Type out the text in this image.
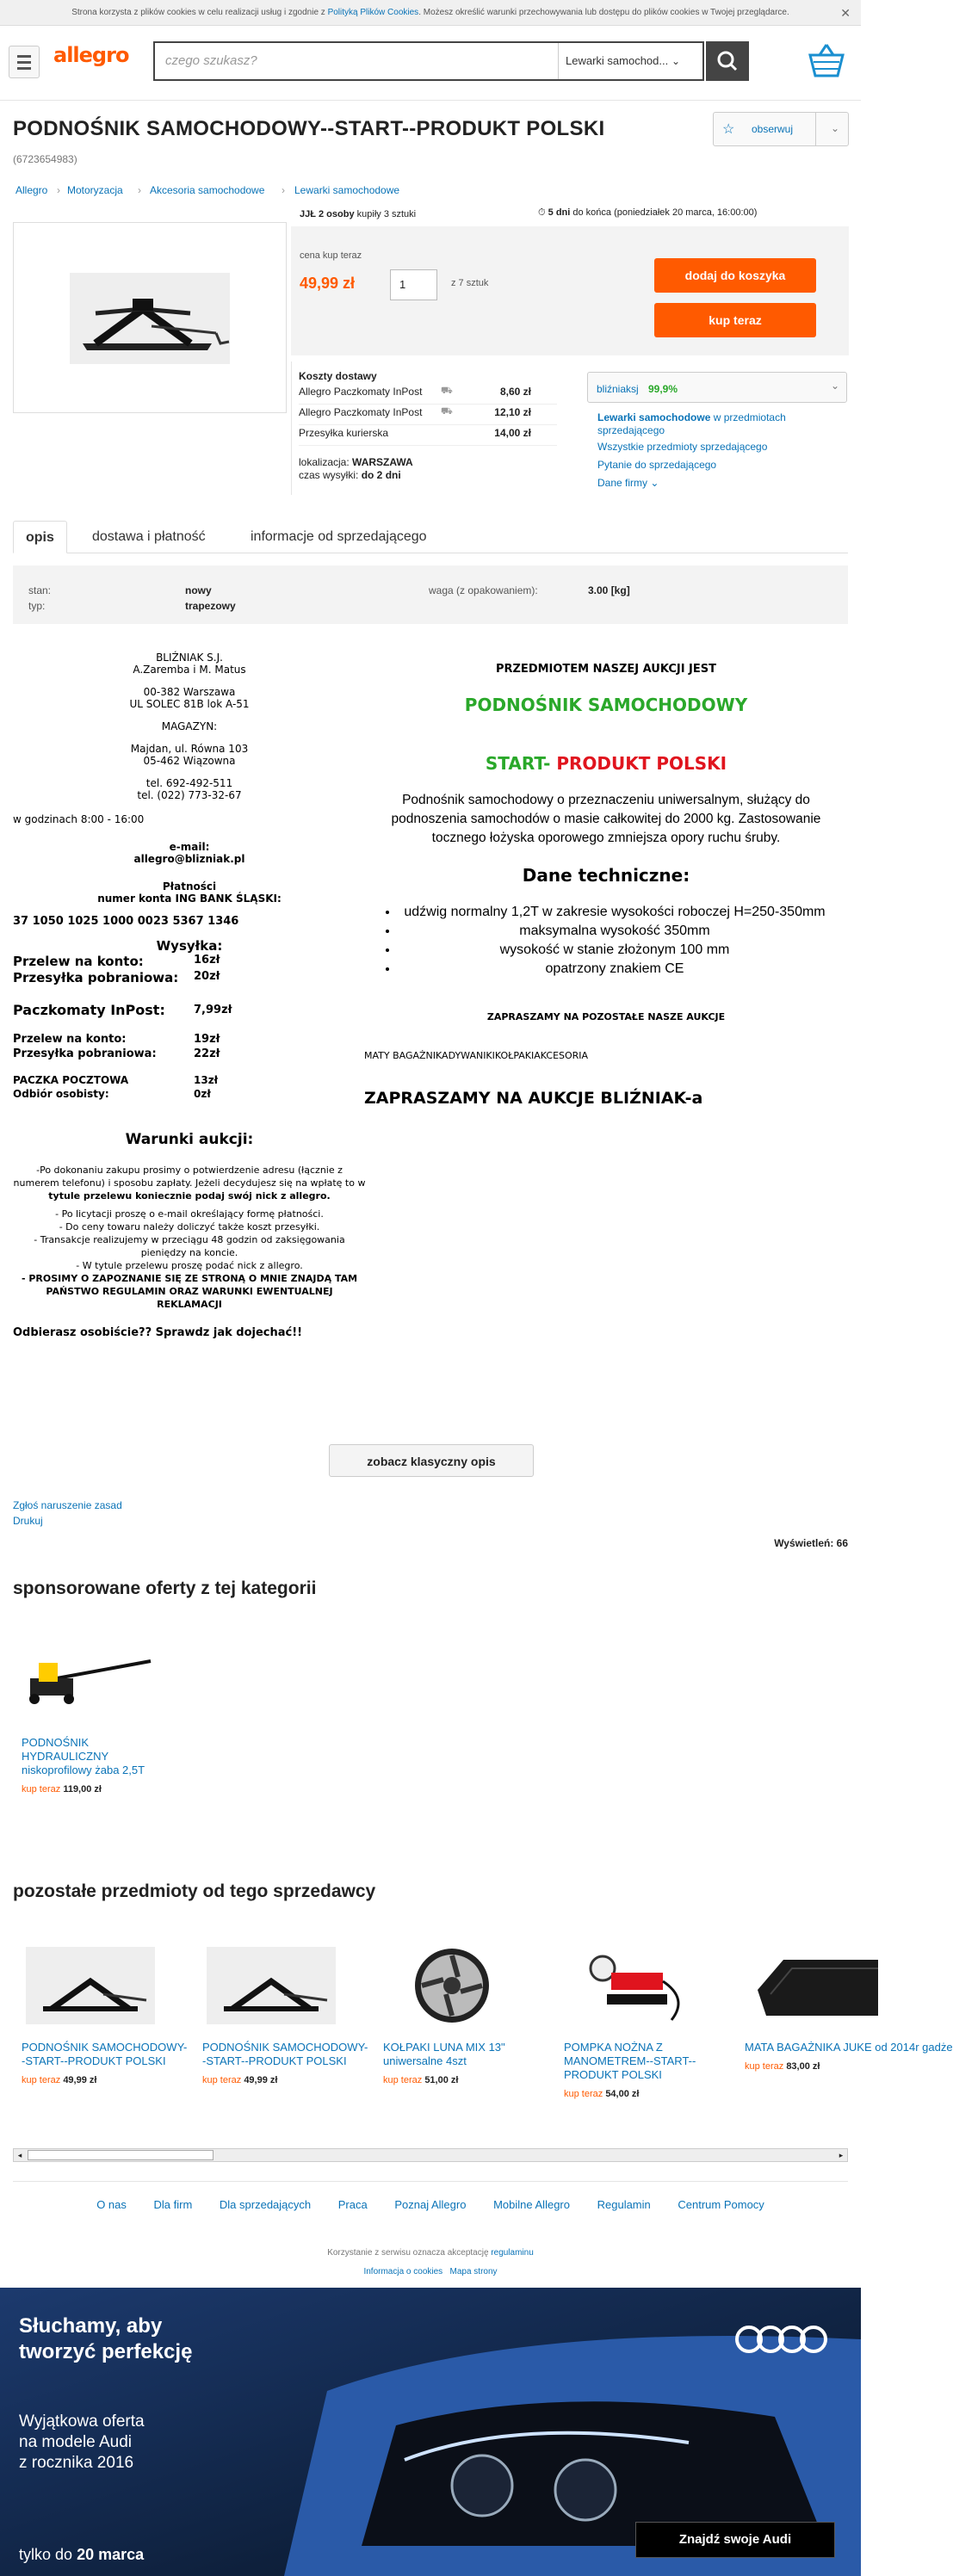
Strona korzysta z plików cookies w celu realizacji usług i zgodnie z Polityką Plików Cookies. Możesz określić warunki przechowywania lub dostępu do plików cookies w Twojej przeglądarce.	✕
allegro	czego szukasz?	Lewarki samochod... ⌄
PODNOŚNIK SAMOCHODOWY--START--PRODUKT POLSKI
(6723654983)
☆ obserwuj	⌄
Allegro › Motoryzacja › Akcesoria samochodowe › Lewarki samochodowe
JJŁ 2 osoby kupiły 3 sztuki	⏱ 5 dni do końca (poniedziałek 20 marca, 16:00:00)
cena kup teraz
49,99 zł	1	z 7 sztuk
dodaj do koszyka
kup teraz
Koszty dostawy
Allegro Paczkomaty InPost ⛟	8,60 zł
Allegro Paczkomaty InPost ⛟	12,10 zł
Przesyłka kurierska	14,00 zł
lokalizacja: WARSZAWA
czas wysyłki: do 2 dni
bliźniaksj 99,9%	⌄
Lewarki samochodowe w przedmiotach sprzedającego
Wszystkie przedmioty sprzedającego
Pytanie do sprzedającego
Dane firmy ⌄
opis	dostawa i płatność	informacje od sprzedającego
stan:	nowy
typ:	trapezowy
waga (z opakowaniem):	3.00 [kg]
BLIŹNIAK S.J.
A.Zaremba i M. Matus
00-382 Warszawa
UL SOLEC 81B lok A-51
MAGAZYN:
Majdan, ul. Równa 103
05-462 Wiązowna
tel. 692-492-511
tel. (022) 773-32-67
w godzinach 8:00 - 16:00
e-mail:
allegro@blizniak.pl
Płatności
numer konta ING BANK ŚLĄSKI:
37 1050 1025 1000 0023 5367 1346
Wysyłka:
Przelew na konto:	16zł
Przesyłka pobraniowa: 20zł
Paczkomaty InPost:	7,99zł
Przelew na konto:	19zł
Przesyłka pobraniowa:	22zł
PACZKA POCZTOWA	13zł
Odbiór osobisty:	0zł
Warunki aukcji:
-Po dokonaniu zakupu prosimy o potwierdzenie adresu (łącznie z numerem telefonu) i sposobu zapłaty. Jeżeli decydujesz się na wpłatę to w tytule przelewu koniecznie podaj swój nick z allegro.
- Po licytacji proszę o e-mail określający formę płatności.
- Do ceny towaru należy doliczyć także koszt przesyłki.
- Transakcje realizujemy w przeciągu 48 godzin od zaksięgowania pieniędzy na koncie.
- W tytule przelewu proszę podać nick z allegro.
- PROSIMY O ZAPOZNANIE SIĘ ZE STRONĄ O MNIE ZNAJDĄ TAM PAŃSTWO REGULAMIN ORAZ WARUNKI EWENTUALNEJ REKLAMACJI
Odbierasz osobiście?? Sprawdz jak dojechać!!
PRZEDMIOTEM NASZEJ AUKCJI JEST
PODNOŚNIK SAMOCHODOWY
START- PRODUKT POLSKI
Podnośnik samochodowy o przeznaczeniu uniwersalnym, służący do podnoszenia samochodów o masie całkowitej do 2000 kg. Zastosowanie tocznego łożyska oporowego zmniejsza opory ruchu śruby.
Dane techniczne:
• udźwig normalny 1,2T w zakresie wysokości roboczej H=250-350mm
• maksymalna wysokość 350mm
• wysokość w stanie złożonym 100 mm
• opatrzony znakiem CE
ZAPRASZAMY NA POZOSTAŁE NASZE AUKCJE
MATY BAGAŻNIKADYWANIKIKOŁPAKIAKCESORIA
ZAPRASZAMY NA AUKCJE BLIŹNIAK-a
zobacz klasyczny opis
Zgłoś naruszenie zasad
Drukuj
Wyświetleń: 66
sponsorowane oferty z tej kategorii
PODNOŚNIK HYDRAULICZNY niskoprofilowy żaba 2,5T
kup teraz 119,00 zł
pozostałe przedmioty od tego sprzedawcy
PODNOŚNIK SAMOCHODOWY--START--PRODUKT POLSKI
kup teraz 49,99 zł
PODNOŚNIK SAMOCHODOWY--START--PRODUKT POLSKI
kup teraz 49,99 zł
KOŁPAKI LUNA MIX 13" uniwersalne 4szt
kup teraz 51,00 zł
POMPKA NOŻNA Z MANOMETREM--START--PRODUKT POLSKI
kup teraz 54,00 zł
MATA BAGAŻNIKA JUKE od 2014r gadże
kup teraz 83,00 zł
◂	▸
O nas Dla firm Dla sprzedających Praca Poznaj Allegro Mobilne Allegro Regulamin Centrum Pomocy
Korzystanie z serwisu oznacza akceptację regulaminu
Informacja o cookies Mapa strony
Słuchamy, aby
tworzyć perfekcję
Wyjątkowa oferta
na modele Audi
z rocznika 2016
tylko do 20 marca
Znajdź swoje Audi
